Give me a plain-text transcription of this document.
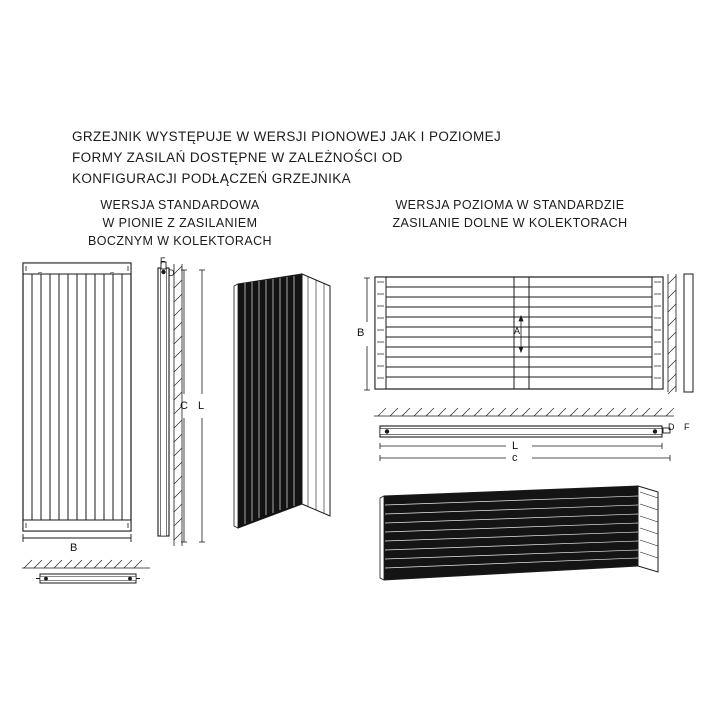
GRZEJNIK WYSTĘPUJE W WERSJI PIONOWEJ JAK I POZIOMEJ
FORMY ZASILAŃ DOSTĘPNE W ZALEŻNOŚCI OD
KONFIGURACJI PODŁĄCZEŃ GRZEJNIKA
WERSJA STANDARDOWA
W PIONIE Z ZASILANIEM
BOCZNYM W KOLEKTORACH
WERSJA POZIOMA W STANDARDZIE
ZASILANIE DOLNE W KOLEKTORACH
B
⌐	⌐
F
D
C L
A
B
L
c
D F
